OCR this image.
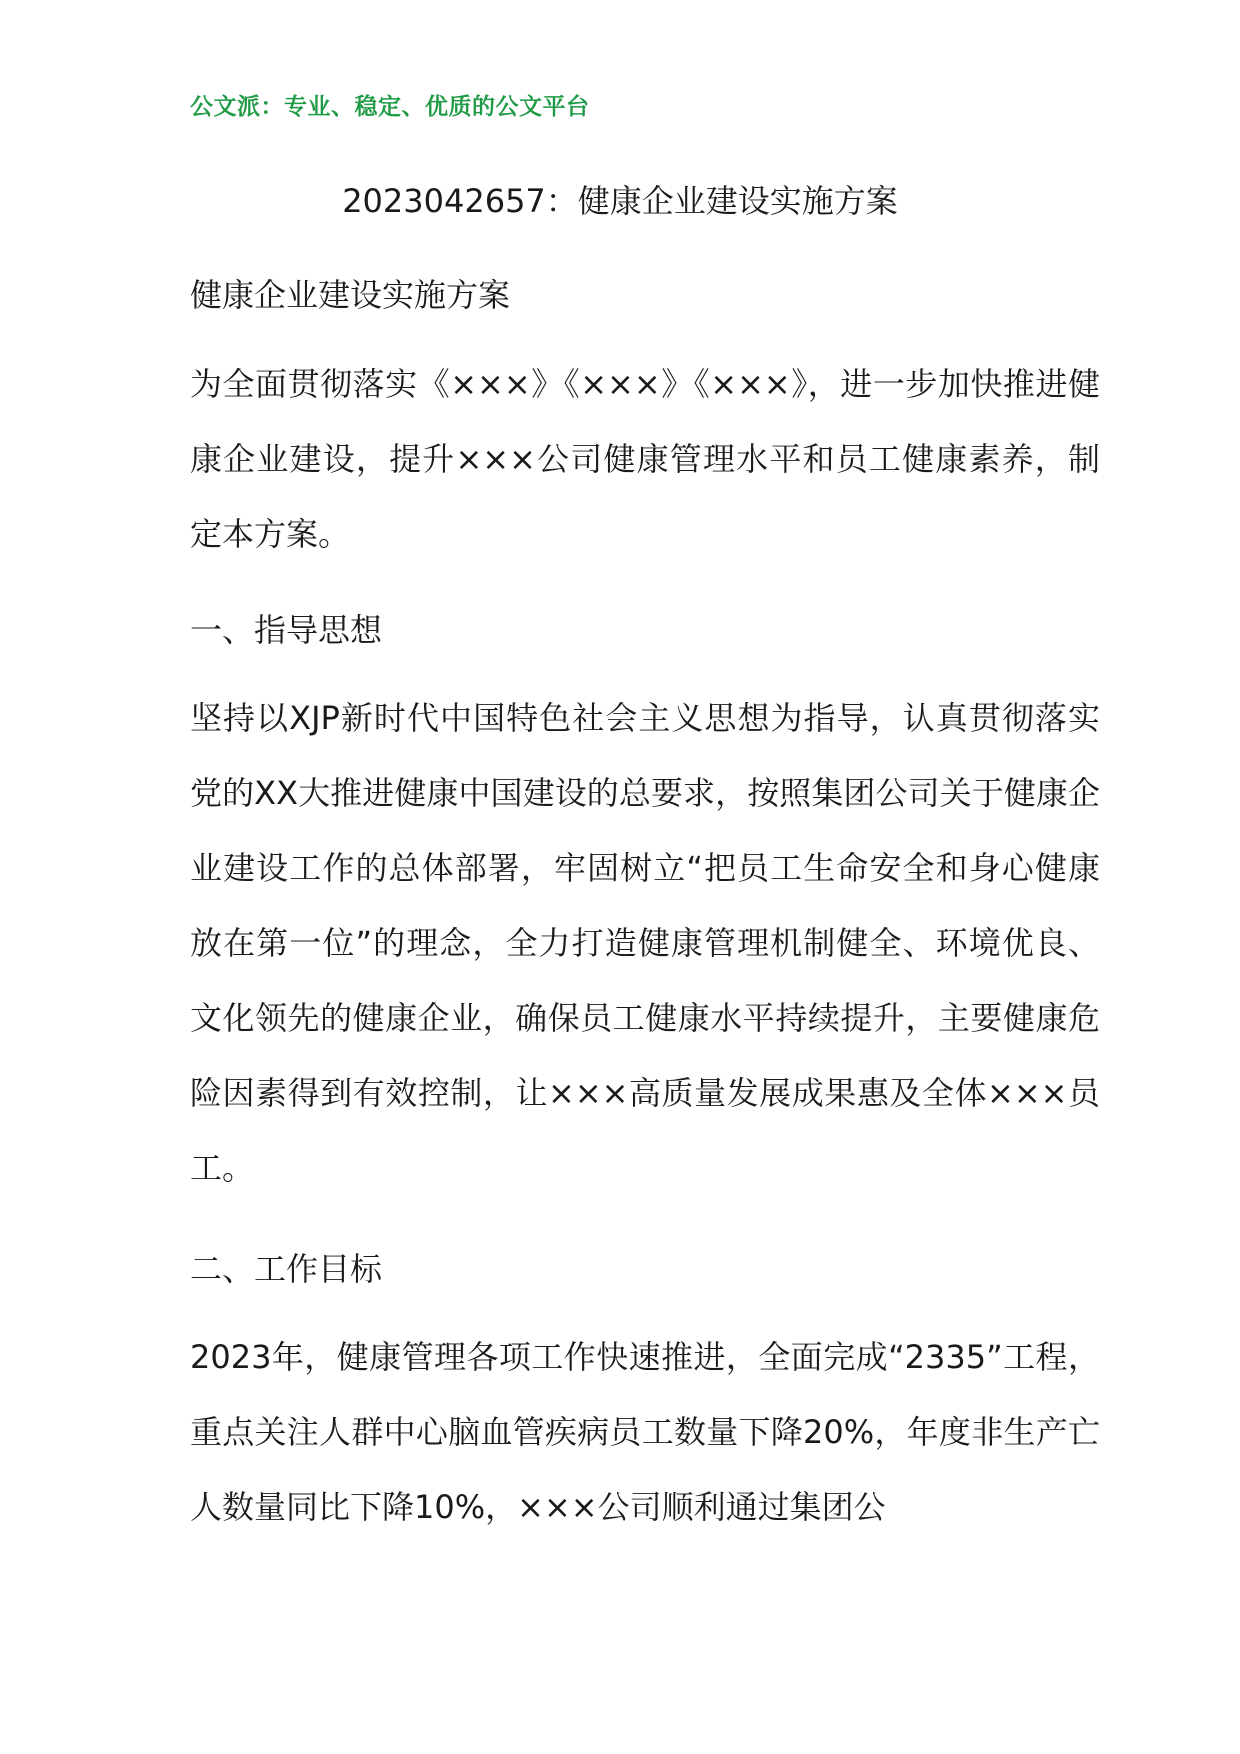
公文派：专业、稳定、优质的公文平台
2023042657：健康企业建设实施方案
健康企业建设实施方案

为全面贯彻落实《×××》《×××》《×××》，进一步加快推进健康企业建设，提升×××公司健康管理水平和员工健康素养，制定本方案。

一、指导思想

坚持以XJP新时代中国特色社会主义思想为指导，认真贯彻落实党的XX大推进健康中国建设的总要求，按照集团公司关于健康企业建设工作的总体部署，牢固树立“把员工生命安全和身心健康放在第一位”的理念，全力打造健康管理机制健全、环境优良、文化领先的健康企业，确保员工健康水平持续提升，主要健康危险因素得到有效控制，让×××高质量发展成果惠及全体×××员工。

二、工作目标

2023年，健康管理各项工作快速推进，全面完成“2335”工程，重点关注人群中心脑血管疾病员工数量下降20%，年度非生产亡人数量同比下降10%，×××公司顺利通过集团公
